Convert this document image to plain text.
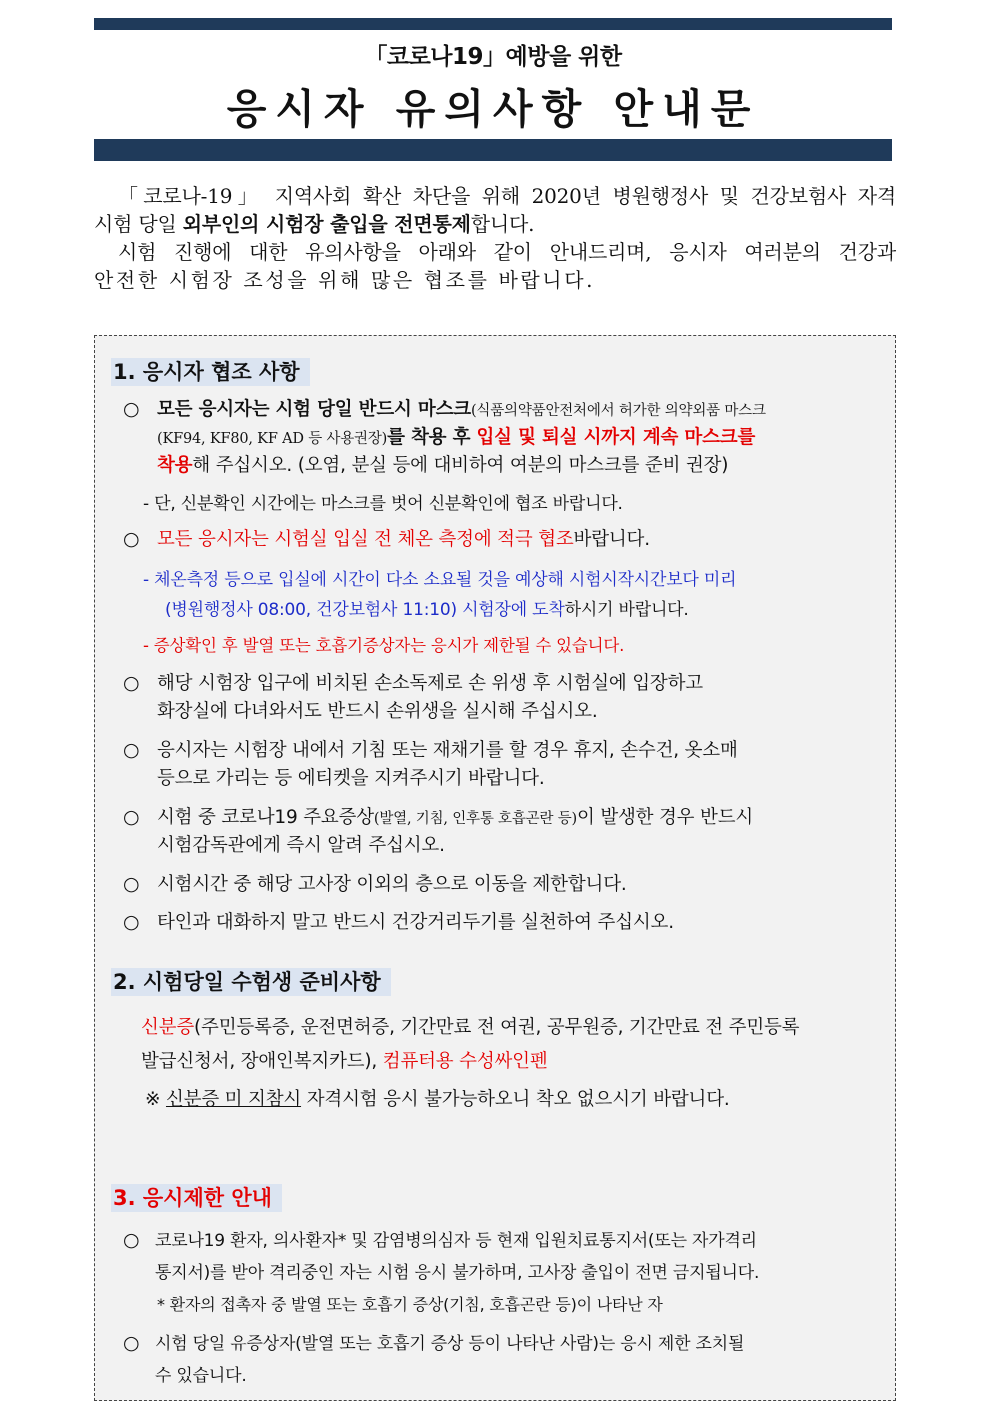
「코로나19」예방을 위한
응시자 유의사항 안내문

「코로나-19」 지역사회 확산 차단을 위해 2020년 병원행정사 및 건강보험사 자격

시험 당일 외부인의 시험장 출입을 전면통제합니다.

시험 진행에 대한 유의사항을 아래와 같이 안내드리며, 응시자 여러분의 건강과

안전한 시험장 조성을 위해 많은 협조를 바랍니다.

1. 응시자 협조 사항
○ 모든 응시자는 시험 당일 반드시 마스크(식품의약품안전처에서 허가한 의약외품 마스크
(KF94, KF80, KF AD 등 사용권장)를 착용 후 입실 및 퇴실 시까지 계속 마스크를
착용해 주십시오. (오염, 분실 등에 대비하여 여분의 마스크를 준비 권장)
- 단, 신분확인 시간에는 마스크를 벗어 신분확인에 협조 바랍니다.
○ 모든 응시자는 시험실 입실 전 체온 측정에 적극 협조바랍니다.
- 체온측정 등으로 입실에 시간이 다소 소요될 것을 예상해 시험시작시간보다 미리
(병원행정사 08:00, 건강보험사 11:10) 시험장에 도착하시기 바랍니다.
- 증상확인 후 발열 또는 호흡기증상자는 응시가 제한될 수 있습니다.
○ 해당 시험장 입구에 비치된 손소독제로 손 위생 후 시험실에 입장하고
화장실에 다녀와서도 반드시 손위생을 실시해 주십시오.
○ 응시자는 시험장 내에서 기침 또는 재채기를 할 경우 휴지, 손수건, 옷소매
등으로 가리는 등 에티켓을 지켜주시기 바랍니다.
○ 시험 중 코로나19 주요증상(발열, 기침, 인후통 호흡곤란 등)이 발생한 경우 반드시
시험감독관에게 즉시 알려 주십시오.
○ 시험시간 중 해당 고사장 이외의 층으로 이동을 제한합니다.
○ 타인과 대화하지 말고 반드시 건강거리두기를 실천하여 주십시오.
2. 시험당일 수험생 준비사항
신분증(주민등록증, 운전면허증, 기간만료 전 여권, 공무원증, 기간만료 전 주민등록
발급신청서, 장애인복지카드), 컴퓨터용 수성싸인펜
※ 신분증 미 지참시 자격시험 응시 불가능하오니 착오 없으시기 바랍니다.
3. 응시제한 안내
○ 코로나19 환자, 의사환자* 및 감염병의심자 등 현재 입원치료통지서(또는 자가격리
통지서)를 받아 격리중인 자는 시험 응시 불가하며, 고사장 출입이 전면 금지됩니다.
* 환자의 접촉자 중 발열 또는 호흡기 증상(기침, 호흡곤란 등)이 나타난 자
○ 시험 당일 유증상자(발열 또는 호흡기 증상 등이 나타난 사람)는 응시 제한 조치될
수 있습니다.
